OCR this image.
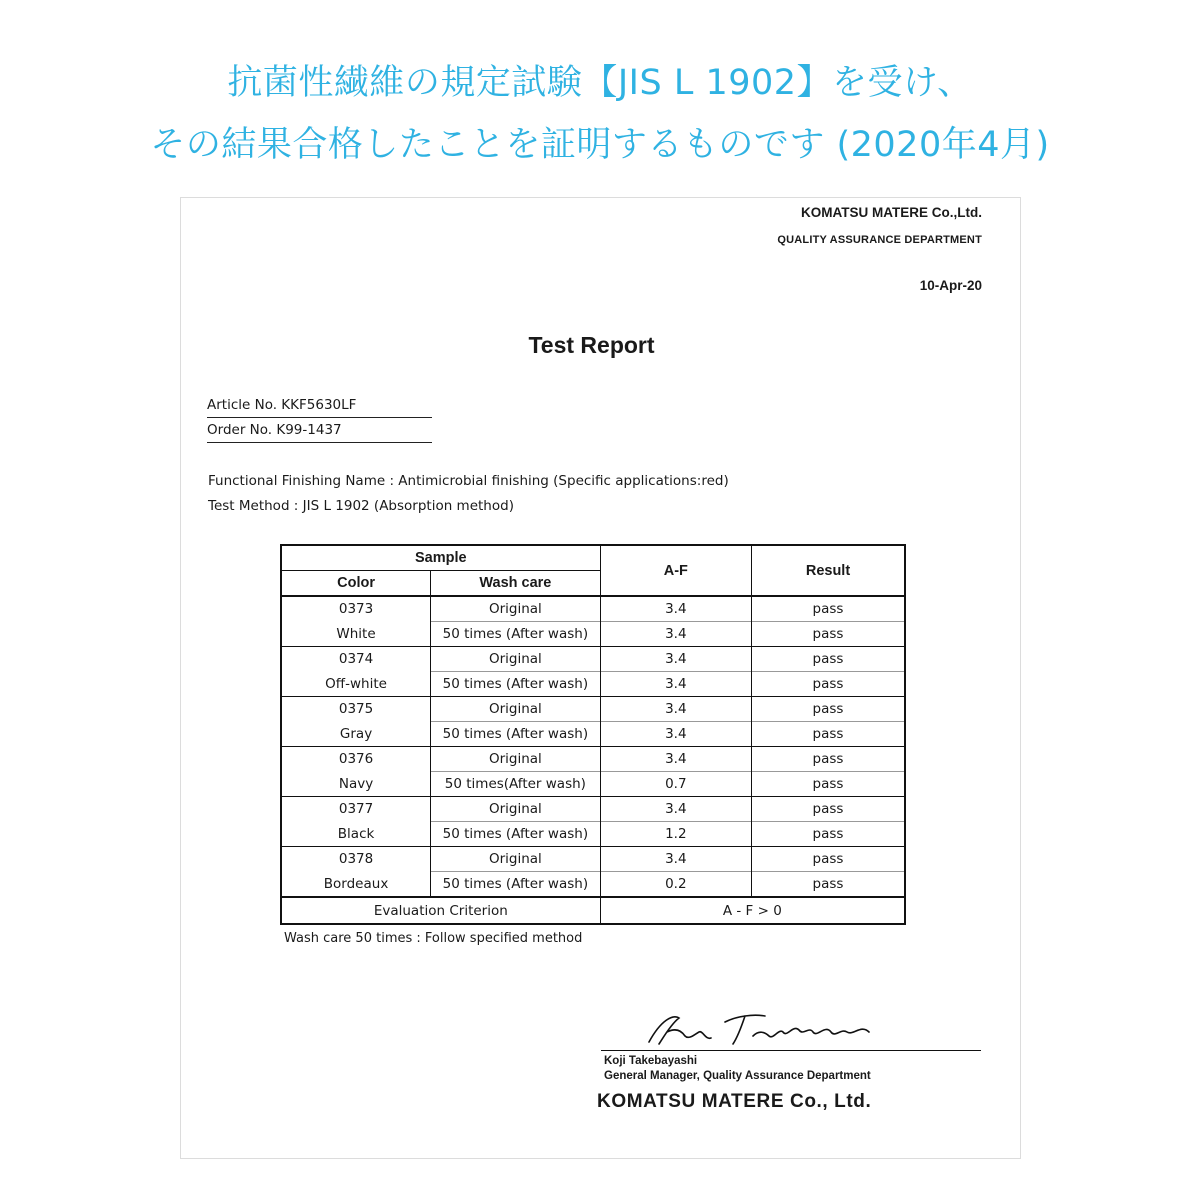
抗菌性繊維の規定試験【JIS L 1902】を受け、
その結果合格したことを証明するものです (2020年4月)
KOMATSU MATERE Co.,Ltd.
QUALITY ASSURANCE DEPARTMENT
10-Apr-20
Test Report
Article No. KKF5630LF
Order No. K99-1437
Functional Finishing Name : Antimicrobial finishing (Specific applications:red)
Test Method : JIS L 1902 (Absorption method)
Sample		A-F	Result
Color	Wash care		
0373	Original	3.4	pass
White	50 times (After wash)	3.4	pass
0374	Original	3.4	pass
Off-white	50 times (After wash)	3.4	pass
0375	Original	3.4	pass
Gray	50 times (After wash)	3.4	pass
0376	Original	3.4	pass
Navy	50 times(After wash)	0.7	pass
0377	Original	3.4	pass
Black	50 times (After wash)	1.2	pass
0378	Original	3.4	pass
Bordeaux	50 times (After wash)	0.2	pass
Evaluation Criterion		A - F > 0	
Wash care 50 times : Follow specified method
Koji Takebayashi
General Manager, Quality Assurance Department
KOMATSU MATERE Co., Ltd.
